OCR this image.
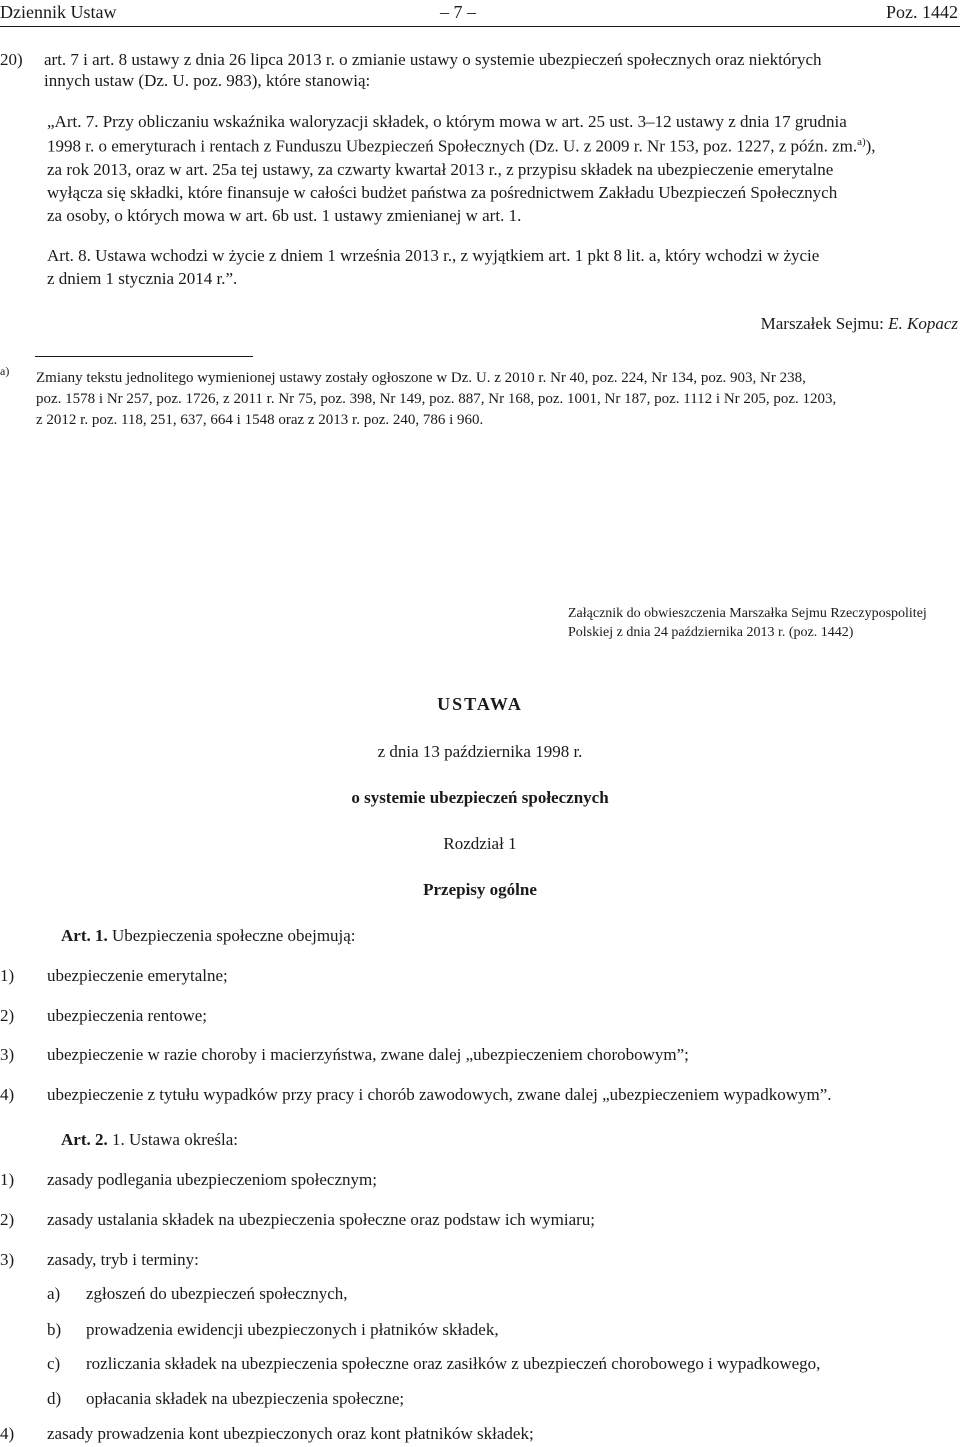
Dziennik Ustaw	– 7 –	Poz. 1442
20) art. 7 i art. 8 ustawy z dnia 26 lipca 2013 r. o zmianie ustawy o systemie ubezpieczeń społecznych oraz niektórych
innych ustaw (Dz. U. poz. 983), które stanowią:
„Art. 7. Przy obliczaniu wskaźnika waloryzacji składek, o którym mowa w art. 25 ust. 3–12 ustawy z dnia 17 grudnia
1998 r. o emeryturach i rentach z Funduszu Ubezpieczeń Społecznych (Dz. U. z 2009 r. Nr 153, poz. 1227, z późn. zm.$^{a)}$),
za rok 2013, oraz w art. 25a tej ustawy, za czwarty kwartał 2013 r., z przypisu składek na ubezpieczenie emerytalne
wyłącza się składki, które finansuje w całości budżet państwa za pośrednictwem Zakładu Ubezpieczeń Społecznych
za osoby, o których mowa w art. 6b ust. 1 ustawy zmienianej w art. 1.
Art. 8. Ustawa wchodzi w życie z dniem 1 września 2013 r., z wyjątkiem art. 1 pkt 8 lit. a, który wchodzi w życie
z dniem 1 stycznia 2014 r.”.
Marszałek Sejmu: E. Kopacz
a) Zmiany tekstu jednolitego wymienionej ustawy zostały ogłoszone w Dz. U. z 2010 r. Nr 40, poz. 224, Nr 134, poz. 903, Nr 238,
poz. 1578 i Nr 257, poz. 1726, z 2011 r. Nr 75, poz. 398, Nr 149, poz. 887, Nr 168, poz. 1001, Nr 187, poz. 1112 i Nr 205, poz. 1203,
z 2012 r. poz. 118, 251, 637, 664 i 1548 oraz z 2013 r. poz. 240, 786 i 960.
Załącznik do obwieszczenia Marszałka Sejmu Rzeczypospolitej
Polskiej z dnia 24 października 2013 r. (poz. 1442)
USTAWA
z dnia 13 października 1998 r.
o systemie ubezpieczeń społecznych
Rozdział 1
Przepisy ogólne
Art. 1. Ubezpieczenia społeczne obejmują:
1) ubezpieczenie emerytalne;
2) ubezpieczenia rentowe;
3) ubezpieczenie w razie choroby i macierzyństwa, zwane dalej „ubezpieczeniem chorobowym”;
4) ubezpieczenie z tytułu wypadków przy pracy i chorób zawodowych, zwane dalej „ubezpieczeniem wypadkowym”.
Art. 2. 1. Ustawa określa:
1) zasady podlegania ubezpieczeniom społecznym;
2) zasady ustalania składek na ubezpieczenia społeczne oraz podstaw ich wymiaru;
3) zasady, tryb i terminy:
a) zgłoszeń do ubezpieczeń społecznych,
b) prowadzenia ewidencji ubezpieczonych i płatników składek,
c) rozliczania składek na ubezpieczenia społeczne oraz zasiłków z ubezpieczeń chorobowego i wypadkowego,
d) opłacania składek na ubezpieczenia społeczne;
4) zasady prowadzenia kont ubezpieczonych oraz kont płatników składek;
